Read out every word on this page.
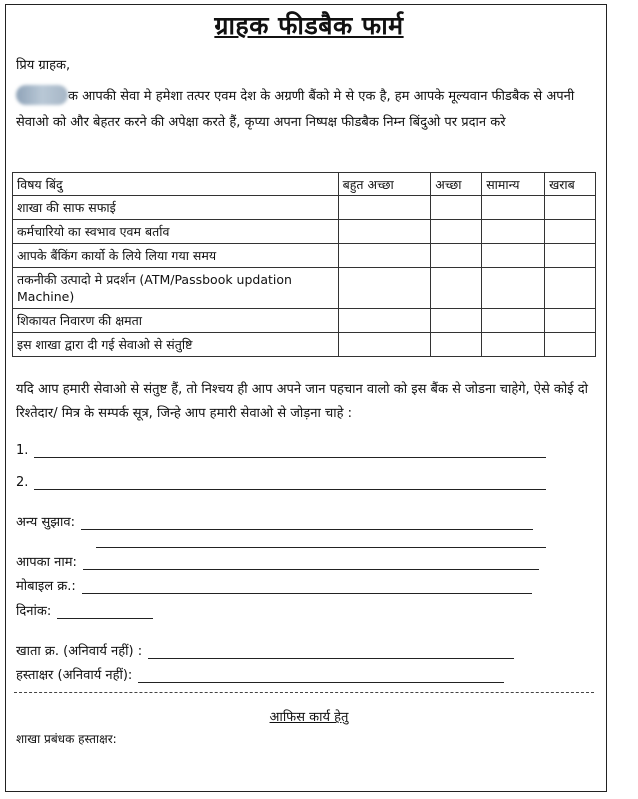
ग्राहक फीडबैक फार्म
प्रिय ग्राहक,
क आपकी सेवा मे हमेशा तत्पर एवम देश के अग्रणी बैंको मे से एक है, हम आपके मूल्यवान फीडबैक से अपनी सेवाओ को और बेहतर करने की अपेक्षा करते हैं, कृप्या अपना निष्पक्ष फीडबैक निम्न बिंदुओ पर प्रदान करे
विषय बिंदु	बहुत अच्छा	अच्छा	सामान्य	खराब
शाखा की साफ सफाई				
कर्मचारियो का स्वभाव एवम बर्ताव				
आपके बैंकिंग कार्यो के लिये लिया गया समय				
तकनीकी उत्पादो मे प्रदर्शन (ATM/Passbook updation Machine)				
शिकायत निवारण की क्षमता				
इस शाखा द्वारा दी गई सेवाओ से संतुष्टि				
यदि आप हमारी सेवाओ से संतुष्ट हैं, तो निश्चय ही आप अपने जान पहचान वालो को इस बैंक से जोडना चाहेगे, ऐसे कोई दो रिश्तेदार/ मित्र के सम्पर्क सूत्र, जिन्हे आप हमारी सेवाओ से जोड़ना चाहे :
1.
2.
अन्य सुझाव:
आपका नाम:
मोबाइल क्र.:
दिनांक:
खाता क्र. (अनिवार्य नहीं) :
हस्ताक्षर (अनिवार्य नहीं):
आफिस कार्य हेतु
शाखा प्रबंधक हस्ताक्षर:
